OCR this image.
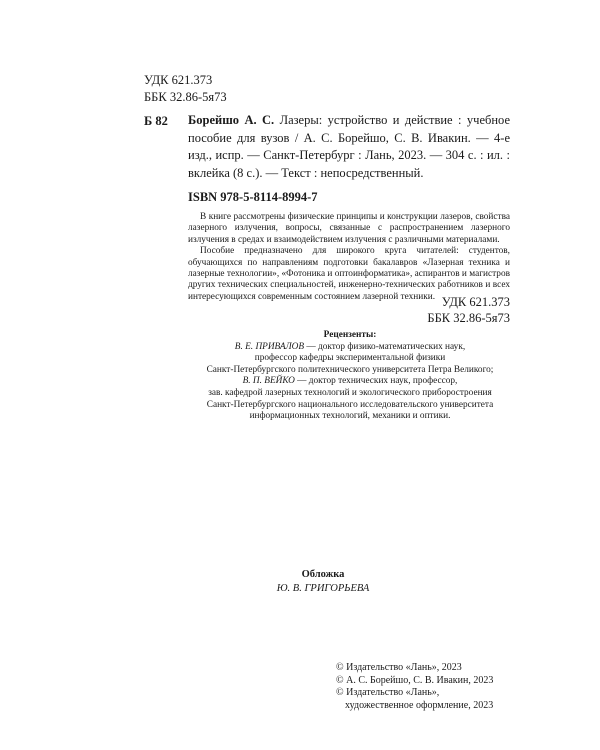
УДК 621.373
ББК 32.86-5я73
Б 82 Борейшо А. С. Лазеры: устройство и действие : учебное пособие для вузов / А. С. Борейшо, С. В. Ивакин. — 4-е изд., испр. — Санкт-Петербург : Лань, 2023. — 304 с. : ил. : вклейка (8 с.). — Текст : непосредственный.
ISBN 978-5-8114-8994-7

В книге рассмотрены физические принципы и конструкции лазеров, свойства лазерного излучения, вопросы, связанные с распространением лазерного излучения в средах и взаимодействием излучения с различными материалами.

Пособие предназначено для широкого круга читателей: студентов, обучающихся по направлениям подготовки бакалавров «Лазерная техника и лазерные технологии», «Фотоника и оптоинформатика», аспирантов и магистров других технических специальностей, инженерно-технических работников и всех интересующихся современным состоянием лазерной техники. УДК 621.373
ББК 32.86-5я73
Рецензенты:
В. Е. ПРИВАЛОВ — доктор физико-математических наук,
профессор кафедры экспериментальной физики
Санкт-Петербургского политехнического университета Петра Великого;
В. П. ВЕЙКО — доктор технических наук, профессор,
зав. кафедрой лазерных технологий и экологического приборостроения
Санкт-Петербургского национального исследовательского университета
информационных технологий, механики и оптики.
Обложка
Ю. В. ГРИГОРЬЕВА
© Издательство «Лань», 2023
© А. С. Борейшо, С. В. Ивакин, 2023
© Издательство «Лань»,
художественное оформление, 2023
